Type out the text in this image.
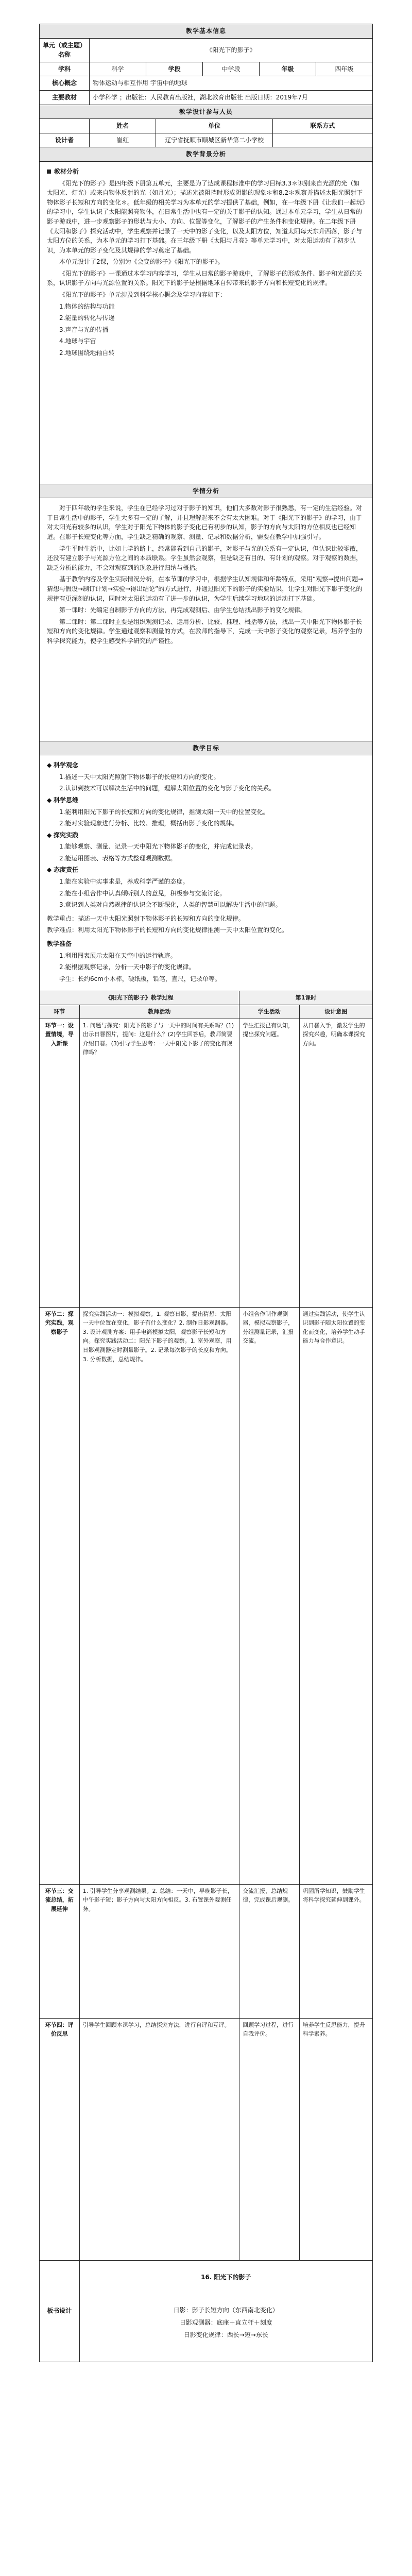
教学基本信息					
单元（或主题）名称	《阳光下的影子》				
学科	科学	学段	中学段	年级	四年级
核心概念	物体运动与相互作用 宇宙中的地球				
主要教材	小学科学 ；出版社：人民教育出版社，湖北教育出版社 出版日期：2019年7月				
教学设计参与人员			
	姓名	单位	联系方式
设计者	崔红	辽宁省抚顺市顺城区新华第二小学校	
教学背景分析

教材分析

《阳光下的影子》是四年级下册第五单元，主要是为了达成课程标准中的学习目标3.3＊识别来自光源的光（如太阳光、灯光）或来自物体反射的光（如月光）；描述光被阻挡时形成阴影的现象＊和8.2＊观察并描述太阳光照射下物体影子长短和方向的变化＊。低年级的相关学习为本单元的学习提供了基础，例如，在一年级下册《让我们一起玩》的学习中，学生认识了太阳能照亮物体，在日常生活中也有一定的关于影子的认知。通过本单元学习，学生从日常的影子游戏中，进一步观察影子的形状与大小、方向、位置等变化，了解影子的产生条件和变化规律。在二年级下册《太阳和影子》探究活动中，学生观察并记录了一天中的影子变化，以及太阳方位，知道太阳每天东升西落，影子与太阳方位的关系，为本单元的学习打下基础。在三年级下册《太阳与月亮》等单元学习中，对太阳运动有了初步认识，为本单元的影子变化及其规律的学习奠定了基础。

本单元设计了2课，分别为《会变的影子》《阳光下的影子》。

《阳光下的影子》一课通过本学习内容学习，学生从日常的影子游戏中，了解影子的形成条件、影子和光源的关系，认识影子方向与光源位置的关系。阳光下的影子是根据地球自转带来的影子方向和长短变化的规律。

《阳光下的影子》单元涉及到科学核心概念及学习内容如下：

1.物体的结构与功能

2.能量的转化与传递

3.声音与光的传播

4.地球与宇宙

2.地球围绕地轴自转

学情分析

对于四年级的学生来说，学生在已经学习过对于影子的知识，他们大多数对影子很熟悉，有一定的生活经验。对于日常生活中的影子，学生大多有一定的了解，并且理解起来不会有太大困难。对于《阳光下的影子》的学习，由于对太阳光有较多的认识，学生对于阳光下物体的影子变化已有初步的认知，影子的方向与太阳的方位相反也已经知道。在影子长短变化等方面，学生缺乏精确的观察、测量、记录和数据分析，需要在教学中加强引导。

学生平时生活中，比如上学的路上，经常能看到自己的影子，对影子与光的关系有一定认识，但认识比较零散，还没有建立影子与光源方位之间的本质联系。学生虽然会观察，但是缺乏有目的、有计划的观察。对于观察的数据，缺乏分析的能力，不会对观察到的现象进行归纳与概括。

基于教学内容及学生实际情况分析，在本节课的学习中，根据学生认知规律和年龄特点，采用“观察→提出问题→猜想与假设→制订计划→实验→得出结论”的方式进行，并通过阳光下的影子的实验结果，让学生对阳光下影子变化的规律有更深刻的认识，同时对太阳的运动有了进一步的认识，为学生后续学习地球的运动打下基础。

第一课时：先编定自制影子方向的方法，再完成观测后、由学生总结找出影子的变化规律。

第二课时：第二课时主要是组织观测记录、运用分析、比较、推理、概括等方法，找出一天中阳光下物体影子长短和方向的变化规律。学生通过观察和测量的方式，在教师的指导下，完成一天中影子变化的观察记录，培养学生的科学探究能力，使学生感受科学研究的严谨性。

教学目标

◆ 科学观念

1.描述一天中太阳光照射下物体影子的长短和方向的变化。

2.认识到技术可以解决生活中的问题，理解太阳位置的变化与影子变化的关系。

◆ 科学思维

1.能利用阳光下影子的长短和方向的变化规律，推测太阳一天中的位置变化。

2.能对实验现象进行分析、比较、推理，概括出影子变化的规律。

◆ 探究实践

1.能够观察、测量、记录一天中阳光下物体影子的变化，并完成记录表。

2.能运用图表、表格等方式整理观测数据。

◆ 态度责任

1.能在实验中实事求是，养成科学严谨的态度。

2.能在小组合作中认真倾听别人的意见，积极参与交流讨论。

3.意识到人类对自然规律的认识会不断深化，人类的智慧可以解决生活中的问题。

教学重点：描述一天中太阳光照射下物体影子的长短和方向的变化规律。

教学难点：利用太阳光下物体影子的长短和方向的变化规律推测一天中太阳位置的变化。

教学准备

1.利用图表展示太阳在天空中的运行轨迹。

2.能根据观察记录，分析一天中影子的变化规律。

学生：长约6cm小木棒，硬纸板，铅笔，直尺，记录单等。

《阳光下的影子》教学过程		第1课时	
环节	教师活动	学生活动	设计意图
环节一：设置情境，导入新课	1. 问题与探究：阳光下的影子与一天中的时间有关系吗？(1)出示日晷图片，提问：这是什么？(2)学生回答后，教师简要介绍日晷。(3)引导学生思考：一天中阳光下影子的变化有规律吗？	学生汇报已有认知，提出探究问题。	从日晷入手，激发学生的探究兴趣，明确本课探究方向。
环节二：探究实践，观察影子	探究实践活动一：模拟观察。1. 观察日影，提出猜想：太阳一天中位置在变化，影子有什么变化？2. 制作日影观测器。3. 设计观测方案：用手电筒模拟太阳，观察影子长短和方向。探究实践活动二：阳光下影子的观察。1. 室外观察，用日影观测器定时测量影子。2. 记录每次影子的长度和方向。3. 分析数据，总结规律。	小组合作制作观测器，模拟观察影子，分组测量记录，汇报交流。	通过实践活动，使学生认识到影子随太阳位置的变化而变化，培养学生动手能力与合作意识。
环节三：交流总结，拓展延伸	1. 引导学生分享观测结果。2. 总结：一天中，早晚影子长，中午影子短；影子方向与太阳方向相反。3. 布置课外观测任务。	交流汇报，总结规律，完成课后观测。	巩固所学知识，鼓励学生将科学探究延伸到课外。
环节四：评价反思	引导学生回顾本课学习，总结探究方法，进行自评和互评。	回顾学习过程，进行自我评价。	培养学生反思能力，提升科学素养。
板书设计	
16. 阳光下的影子
日影：影子长短方向（东西南北变化）
日影观测器：底座＋直立杆＋刻度
日影变化规律：西长→短→东长
